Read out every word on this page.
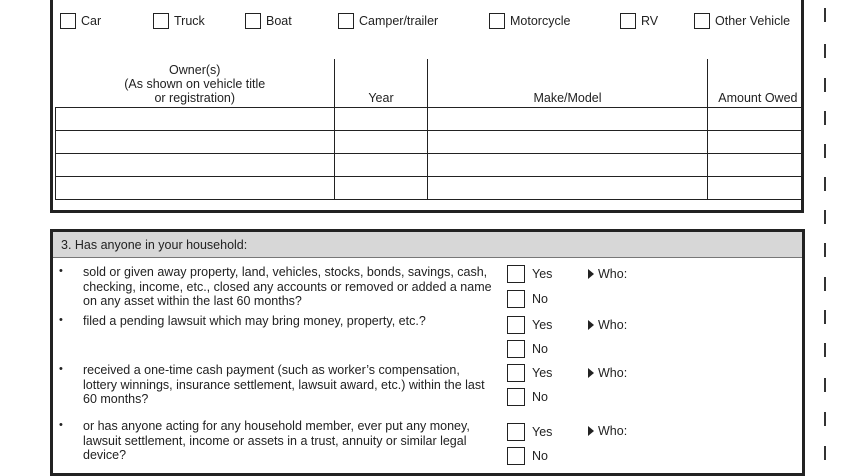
Car	Truck	Boat	Camper/trailer	Motorcycle	RV	Other Vehicle
Owner(s)
(As shown on vehicle title
or registration)	Year	Make/Model	Amount Owed

3. Has anyone in your household:
• sold or given away property, land, vehicles, stocks, bonds, savings, cash,
checking, income, etc., closed any accounts or removed or added a name
on any asset within the last 60 months?
Yes	Who:
No
• filed a pending lawsuit which may bring money, property, etc.?	Yes	Who:
No
• received a one-time cash payment (such as worker’s compensation,
lottery winnings, insurance settlement, lawsuit award, etc.) within the last
60 months?
Yes	Who:
No
• or has anyone acting for any household member, ever put any money,
lawsuit settlement, income or assets in a trust, annuity or similar legal
device?
Yes	Who:
No
